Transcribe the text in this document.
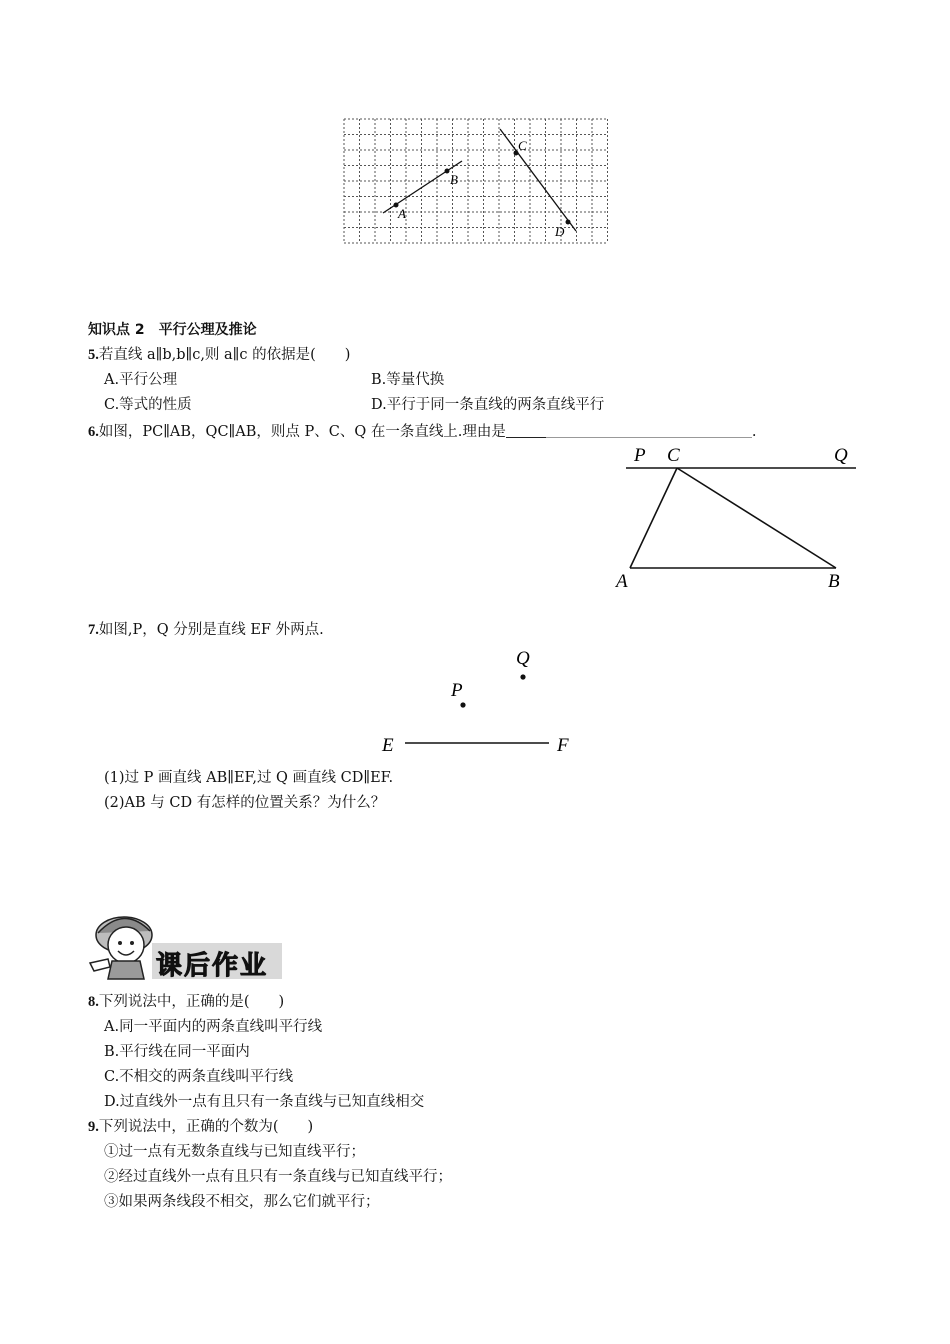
A
B
C
D
知识点 2　平行公理及推论
5.若直线 a∥b,b∥c,则 a∥c 的依据是(　　)
A.平行公理	B.等量代换
C.等式的性质	D.平行于同一条直线的两条直线平行
6.如图，PC∥AB，QC∥AB，则点 P、C、Q 在一条直线上.理由是	.
P C	Q
A	B
7.如图,P，Q 分别是直线 EF 外两点.
Q
P
E	F
(1)过 P 画直线 AB∥EF,过 Q 画直线 CD∥EF.
(2)AB 与 CD 有怎样的位置关系？为什么？
课后作业
8.下列说法中，正确的是(　　)
A.同一平面内的两条直线叫平行线
B.平行线在同一平面内
C.不相交的两条直线叫平行线
D.过直线外一点有且只有一条直线与已知直线相交
9.下列说法中，正确的个数为(　　)
①过一点有无数条直线与已知直线平行；
②经过直线外一点有且只有一条直线与已知直线平行；
③如果两条线段不相交，那么它们就平行；
